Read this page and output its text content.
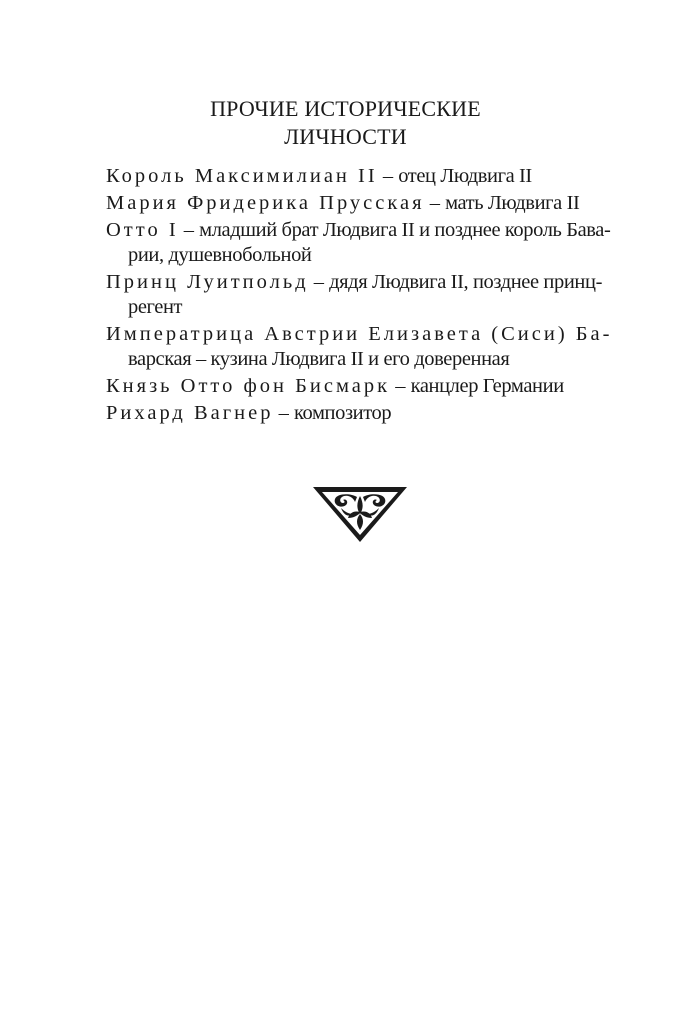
ПРОЧИЕ ИСТОРИЧЕСКИЕ
ЛИЧНОСТИ
Король Максимилиан II – отец Людвига II
Мария Фридерика Прусская – мать Людвига II
Отто I – младший брат Людвига II и позднее король Бава-
рии, душевнобольной
Принц Луитпольд – дядя Людвига II, позднее принц-
регент
Императрица Австрии Елизавета (Сиси) Ба-
варская – кузина Людвига II и его доверенная
Князь Отто фон Бисмарк – канцлер Германии
Рихард Вагнер – композитор
